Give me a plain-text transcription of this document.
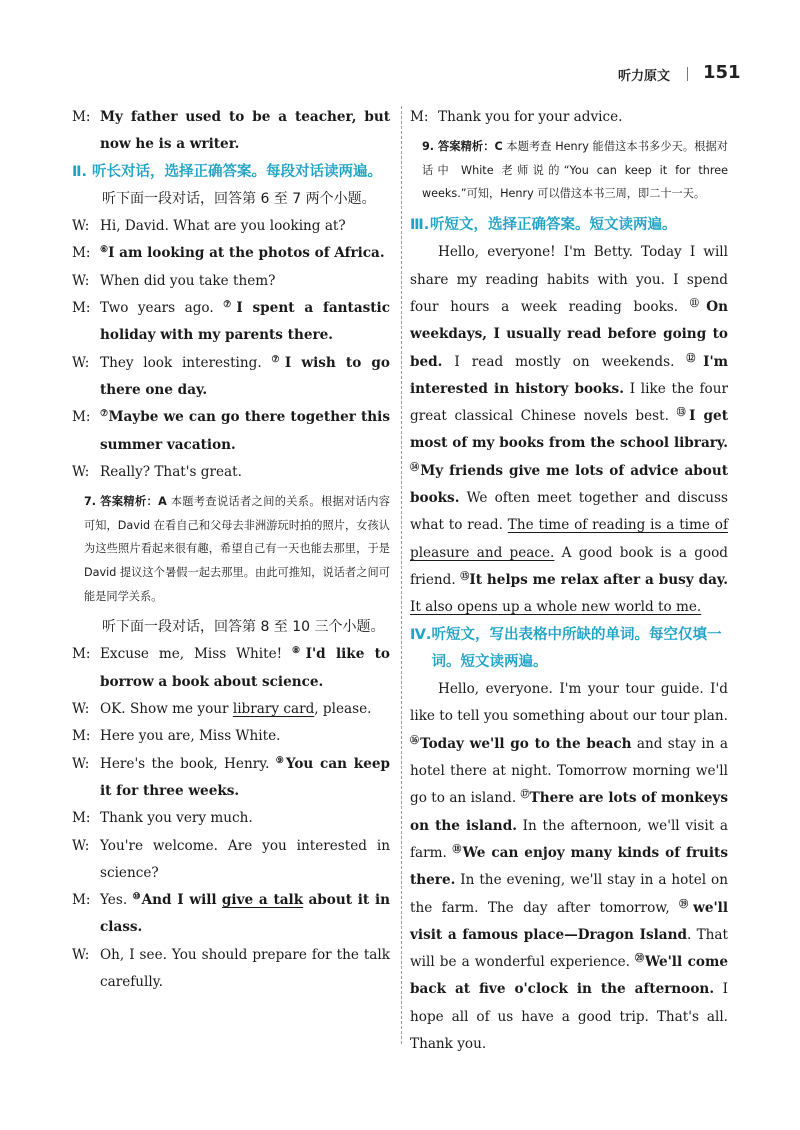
听力原文 151
M: My father used to be a teacher, but now he is a writer.
Ⅱ. 听长对话，选择正确答案。每段对话读两遍。

听下面一段对话，回答第 6 至 7 两个小题。

W: Hi, David. What are you looking at?
M:	⑥I am looking at the photos of Africa.
W: When did you take them?
M: Two years ago. ⑦I spent a fantastic holiday with my parents there.
W: They look interesting. ⑦I wish to go there one day.
M:	⑦Maybe we can go there together this summer vacation.
W: Really? That's great.

7. 答案精析：A 本题考查说话者之间的关系。根据对话内容可知，David 在看自己和父母去非洲游玩时拍的照片，女孩认为这些照片看起来很有趣，希望自己有一天也能去那里，于是 David 提议这个暑假一起去那里。由此可推知，说话者之间可能是同学关系。

听下面一段对话，回答第 8 至 10 三个小题。

M: Excuse me, Miss White! ⑧I'd like to borrow a book about science.
W: OK. Show me your library card, please.
M: Here you are, Miss White.
W: Here's the book, Henry. ⑨You can keep it for three weeks.
M: Thank you very much.
W: You're welcome. Are you interested in science?
M: Yes. ⑩And I will give a talk about it in class.
W: Oh, I see. You should prepare for the talk carefully.
M: Thank you for your advice.

9. 答案精析：C 本题考查 Henry 能借这本书多少天。根据对话中 White 老师说的“You can keep it for three weeks.”可知，Henry 可以借这本书三周，即二十一天。

Ⅲ. 听短文，选择正确答案。短文读两遍。

Hello, everyone! I'm Betty. Today I will share my reading habits with you. I spend four hours a week reading books. ⑪On weekdays, I usually read before going to bed. I read mostly on weekends. ⑫I'm interested in history books. I like the four great classical Chinese novels best. ⑬I get most of my books from the school library. ⑭My friends give me lots of advice about books. We often meet together and discuss what to read. The time of reading is a time of pleasure and peace. A good book is a good friend. ⑮It helps me relax after a busy day. It also opens up a whole new world to me.

Ⅳ. 听短文，写出表格中所缺的单词。每空仅填一词。短文读两遍。

Hello, everyone. I'm your tour guide. I'd like to tell you something about our tour plan. ⑯Today we'll go to the beach and stay in a hotel there at night. Tomorrow morning we'll go to an island. ⑰There are lots of monkeys on the island. In the afternoon, we'll visit a farm. ⑱We can enjoy many kinds of fruits there. In the evening, we'll stay in a hotel on the farm. The day after tomorrow, ⑲we'll visit a famous place—Dragon Island. That will be a wonderful experience. ⑳We'll come back at five o'clock in the afternoon. I hope all of us have a good trip. That's all. Thank you.
